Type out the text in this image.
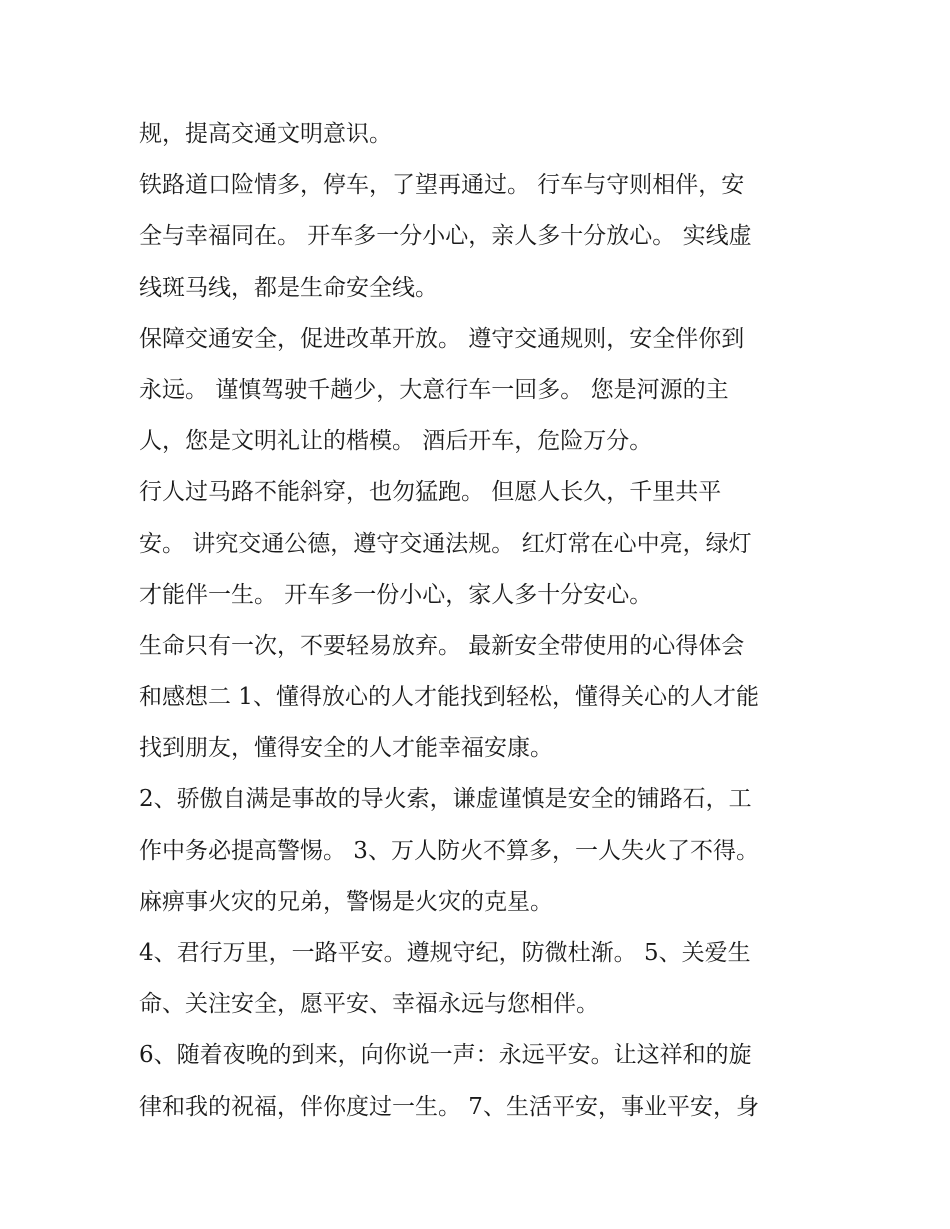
规，提高交通文明意识。
铁路道口险情多，停车，了望再通过。 行车与守则相伴，安
全与幸福同在。 开车多一分小心，亲人多十分放心。 实线虚
线斑马线，都是生命安全线。
保障交通安全，促进改革开放。 遵守交通规则，安全伴你到
永远。 谨慎驾驶千趟少，大意行车一回多。 您是河源的主
人，您是文明礼让的楷模。 酒后开车，危险万分。
行人过马路不能斜穿，也勿猛跑。 但愿人长久，千里共平
安。 讲究交通公德，遵守交通法规。 红灯常在心中亮，绿灯
才能伴一生。 开车多一份小心，家人多十分安心。
生命只有一次，不要轻易放弃。 最新安全带使用的心得体会
和感想二 1、懂得放心的人才能找到轻松，懂得关心的人才能
找到朋友，懂得安全的人才能幸福安康。
2、骄傲自满是事故的导火索，谦虚谨慎是安全的铺路石，工
作中务必提高警惕。 3、万人防火不算多，一人失火了不得。
麻痹事火灾的兄弟，警惕是火灾的克星。
4、君行万里，一路平安。遵规守纪，防微杜渐。 5、关爱生
命、关注安全，愿平安、幸福永远与您相伴。
6、随着夜晚的到来，向你说一声：永远平安。让这祥和的旋
律和我的祝福，伴你度过一生。 7、生活平安，事业平安，身
